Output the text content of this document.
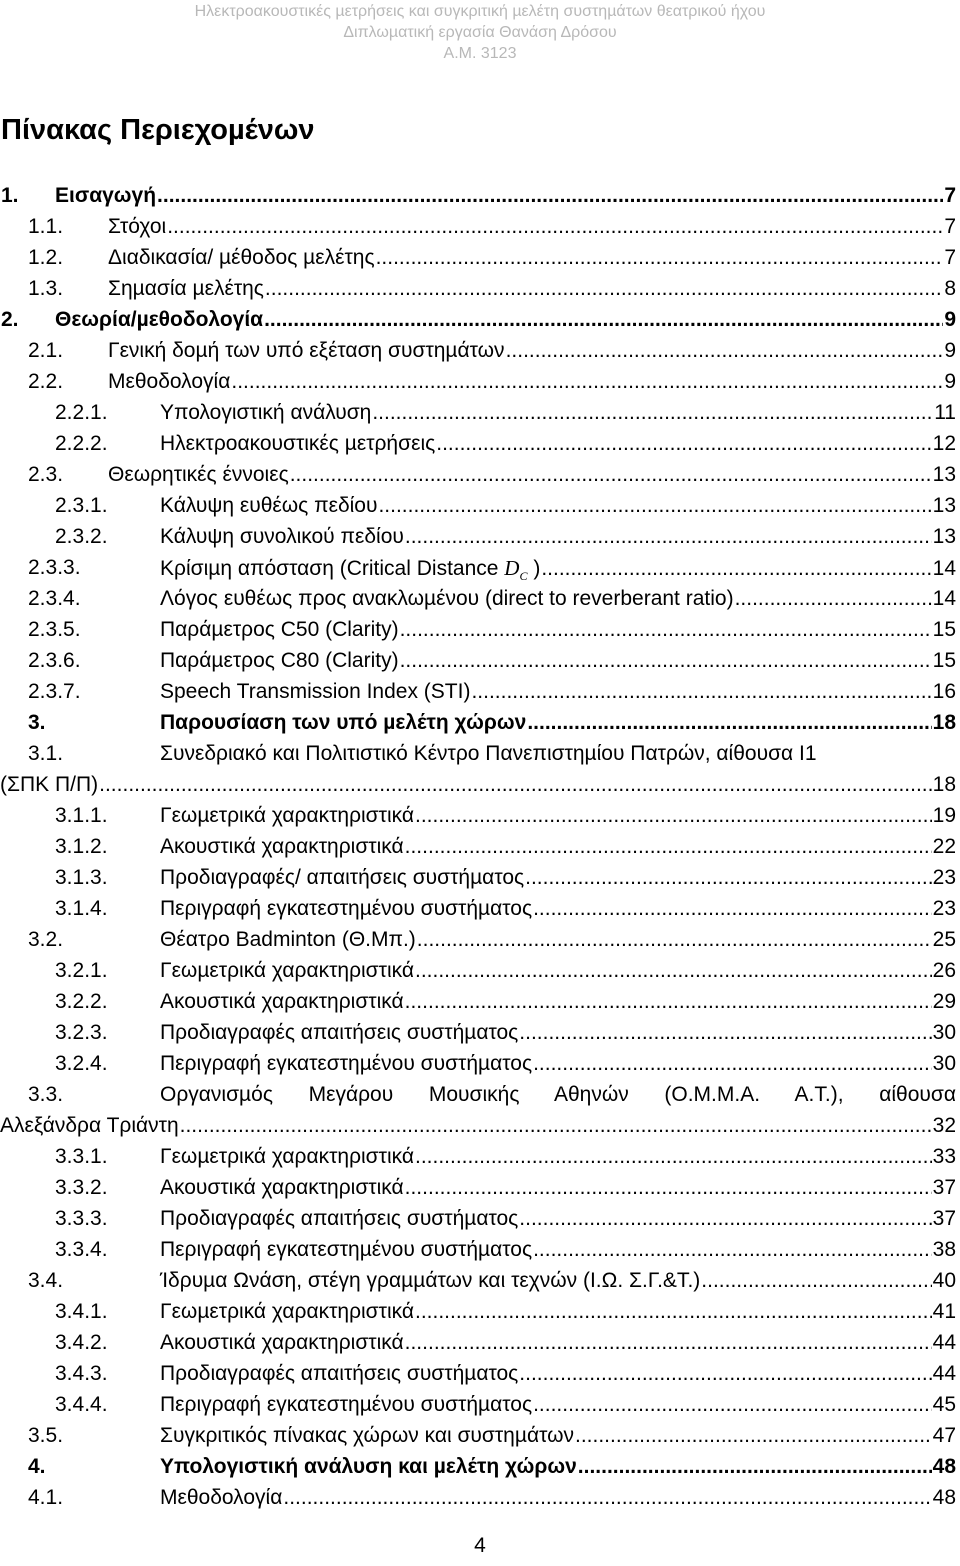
Ηλεκτροακουστικές µετρήσεις και συγκριτική µελέτη συστηµάτων θεατρικού ήχου
Διπλωµατική εργασία Θανάση Δρόσου
Α.Μ. 3123
Πίνακας Περιεχοµένων
1. Εισαγωγή .....	7
1.1. Στόχοι .....	7
1.2. Διαδικασία/ µέθοδος µελέτης .....	7
1.3. Σηµασία µελέτης .....	8
2. Θεωρία/µεθοδολογία .....	9
2.1. Γενική δοµή των υπό εξέταση συστηµάτων .....	9
2.2. Μεθοδολογία .....	9
2.2.1. Υπολογιστική ανάλυση .....	11
2.2.2. Ηλεκτροακουστικές µετρήσεις .....	12
2.3. Θεωρητικές έννοιες .....	13
2.3.1. Κάλυψη ευθέως πεδίου .....	13
2.3.2. Κάλυψη συνολικού πεδίου .....	13
2.3.3.	Κρίσιµη απόσταση (Critical Distance $D_C$ ) .....	14
2.3.4.	Λόγος ευθέως προς ανακλωµένου (direct to reverberant ratio) .....	14
2.3.5.	Παράµετρος C50 (Clarity) .....	15
2.3.6.	Παράµετρος C80 (Clarity) .....	15
2.3.7.	Speech Transmission Index (STI) .....	16
3.	Παρουσίαση των υπό µελέτη χώρων .....	18
3.1.	Συνεδριακό και Πολιτιστικό Κέντρο Πανεπιστηµίου Πατρών, αίθουσα Ι1
(ΣΠΚ Π/Π) .....	18
3.1.1. Γεωµετρικά χαρακτηριστικά .....	19
3.1.2. Ακουστικά χαρακτηριστικά .....	22
3.1.3. Προδιαγραφές/ απαιτήσεις συστήµατος .....	23
3.1.4. Περιγραφή εγκατεστηµένου συστήµατος .....	23
3.2.	Θέατρο Badminton (Θ.Μπ.) .....	25
3.2.1. Γεωµετρικά χαρακτηριστικά .....	26
3.2.2. Ακουστικά χαρακτηριστικά .....	29
3.2.3. Προδιαγραφές απαιτήσεις συστήµατος .....	30
3.2.4. Περιγραφή εγκατεστηµένου συστήµατος .....	30
3.3.	Οργανισµός Μεγάρου Μουσικής Αθηνών (Ο.Μ.Μ.Α. Α.Τ.), αίθουσα
Αλεξάνδρα Τριάντη .....	32
3.3.1. Γεωµετρικά χαρακτηριστικά .....	33
3.3.2. Ακουστικά χαρακτηριστικά .....	37
3.3.3. Προδιαγραφές απαιτήσεις συστήµατος .....	37
3.3.4. Περιγραφή εγκατεστηµένου συστήµατος .....	38
3.4.	Ίδρυµα Ωνάση, στέγη γραµµάτων και τεχνών (Ι.Ω. Σ.Γ.&Τ.) .....	40
3.4.1. Γεωµετρικά χαρακτηριστικά .....	41
3.4.2. Ακουστικά χαρακτηριστικά .....	44
3.4.3. Προδιαγραφές απαιτήσεις συστήµατος .....	44
3.4.4. Περιγραφή εγκατεστηµένου συστήµατος .....	45
3.5.	Συγκριτικός πίνακας χώρων και συστηµάτων .....	47
4.	Υπολογιστική ανάλυση και µελέτη χώρων .....	48
4.1.	Μεθοδολογία .....	48
4
